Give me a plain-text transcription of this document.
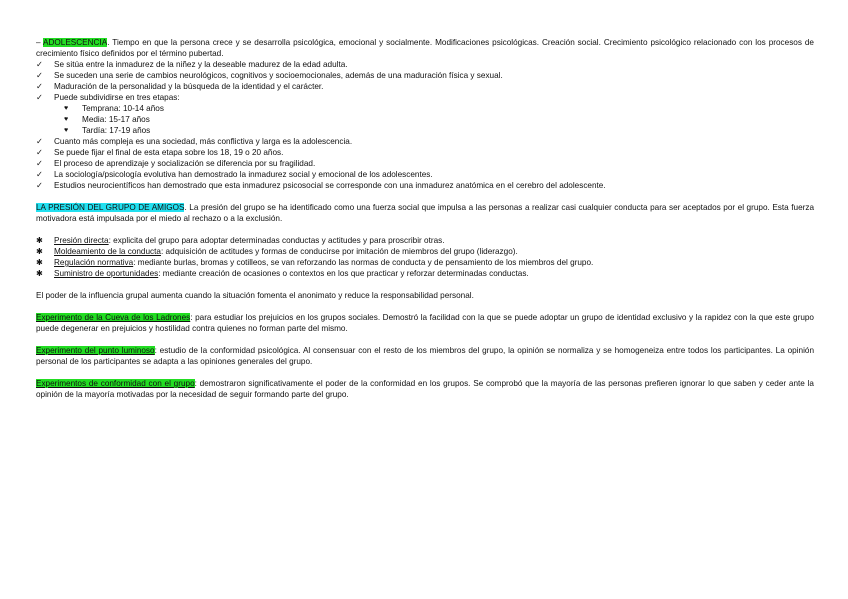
– ADOLESCENCIA. Tiempo en que la persona crece y se desarrolla psicológica, emocional y socialmente. Modificaciones psicológicas. Creación social. Crecimiento psicológico relacionado con los procesos de crecimiento físico definidos por el término pubertad.

✓	Se sitúa entre la inmadurez de la niñez y la deseable madurez de la edad adulta.
✓	Se suceden una serie de cambios neurológicos, cognitivos y socioemocionales, además de una maduración física y sexual.
✓	Maduración de la personalidad y la búsqueda de la identidad y el carácter.
✓	Puede subdividirse en tres etapas:
♥ Temprana: 10-14 años
♥ Media: 15-17 años
♥ Tardía: 17-19 años
✓	Cuanto más compleja es una sociedad, más conflictiva y larga es la adolescencia.
✓	Se puede fijar el final de esta etapa sobre los 18, 19 o 20 años.
✓	El proceso de aprendizaje y socialización se diferencia por su fragilidad.
✓	La sociología/psicología evolutiva han demostrado la inmadurez social y emocional de los adolescentes.
✓	Estudios neurocientíficos han demostrado que esta inmadurez psicosocial se corresponde con una inmadurez anatómica en el cerebro del adolescente.

LA PRESIÓN DEL GRUPO DE AMIGOS. La presión del grupo se ha identificado como una fuerza social que impulsa a las personas a realizar casi cualquier conducta para ser aceptados por el grupo. Esta fuerza motivadora está impulsada por el miedo al rechazo o a la exclusión.

✱	Presión directa: explicita del grupo para adoptar determinadas conductas y actitudes y para proscribir otras.
✱	Moldeamiento de la conducta: adquisición de actitudes y formas de conducirse por imitación de miembros del grupo (liderazgo).
✱	Regulación normativa: mediante burlas, bromas y cotilleos, se van reforzando las normas de conducta y de pensamiento de los miembros del grupo.
✱	Suministro de oportunidades: mediante creación de ocasiones o contextos en los que practicar y reforzar determinadas conductas.

El poder de la influencia grupal aumenta cuando la situación fomenta el anonimato y reduce la responsabilidad personal.

Experimento de la Cueva de los Ladrones: para estudiar los prejuicios en los grupos sociales. Demostró la facilidad con la que se puede adoptar un grupo de identidad exclusivo y la rapidez con la que este grupo puede degenerar en prejuicios y hostilidad contra quienes no forman parte del mismo.

Experimento del punto luminoso: estudio de la conformidad psicológica. Al consensuar con el resto de los miembros del grupo, la opinión se normaliza y se homogeneiza entre todos los participantes. La opinión personal de los participantes se adapta a las opiniones generales del grupo.

Experimentos de conformidad con el grupo: demostraron significativamente el poder de la conformidad en los grupos. Se comprobó que la mayoría de las personas prefieren ignorar lo que saben y ceder ante la opinión de la mayoría motivadas por la necesidad de seguir formando parte del grupo.
